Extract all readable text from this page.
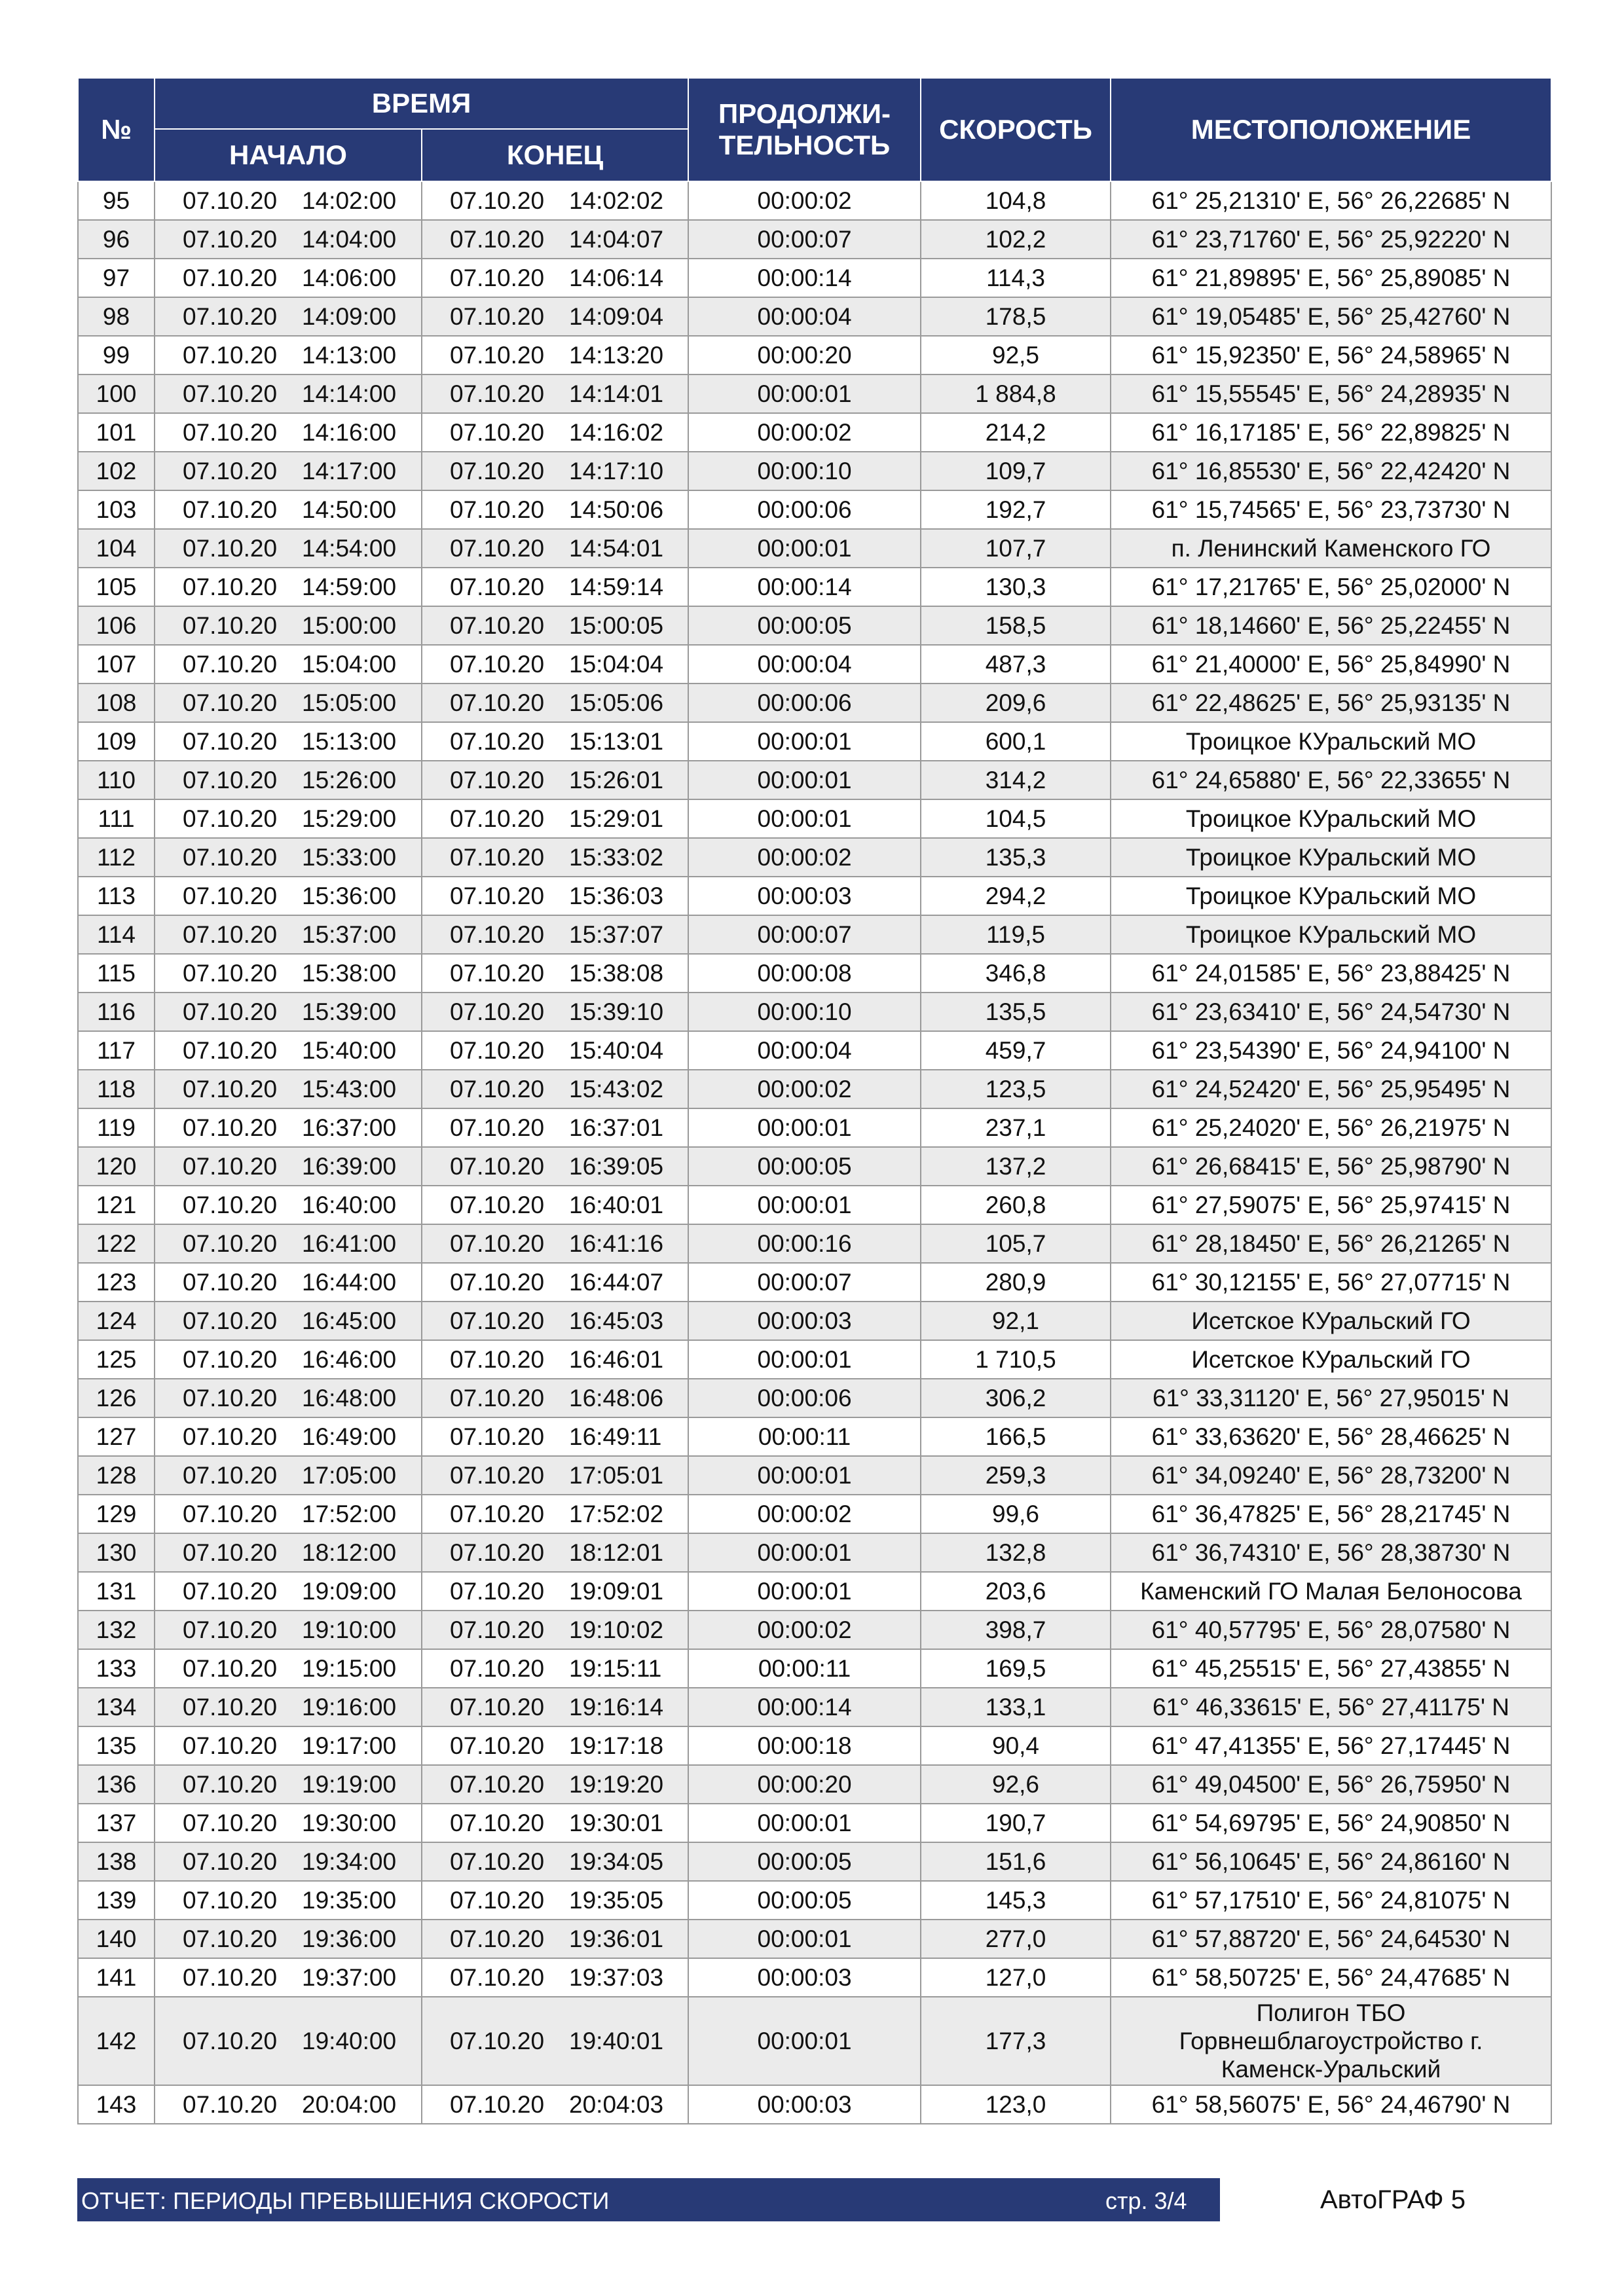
№	ВРЕМЯ		ПРОДОЛЖИ-
ТЕЛЬНОСТЬ	СКОРОСТЬ	МЕСТОПОЛОЖЕНИЕ
	НАЧАЛО	КОНЕЦ			
95	07.10.20 14:02:00	07.10.20 14:02:02	00:00:02	104,8	61° 25,21310' E, 56° 26,22685' N
96	07.10.20 14:04:00	07.10.20 14:04:07	00:00:07	102,2	61° 23,71760' E, 56° 25,92220' N
97	07.10.20 14:06:00	07.10.20 14:06:14	00:00:14	114,3	61° 21,89895' E, 56° 25,89085' N
98	07.10.20 14:09:00	07.10.20 14:09:04	00:00:04	178,5	61° 19,05485' E, 56° 25,42760' N
99	07.10.20 14:13:00	07.10.20 14:13:20	00:00:20	92,5	61° 15,92350' E, 56° 24,58965' N
100	07.10.20 14:14:00	07.10.20 14:14:01	00:00:01	1 884,8	61° 15,55545' E, 56° 24,28935' N
101	07.10.20 14:16:00	07.10.20 14:16:02	00:00:02	214,2	61° 16,17185' E, 56° 22,89825' N
102	07.10.20 14:17:00	07.10.20 14:17:10	00:00:10	109,7	61° 16,85530' E, 56° 22,42420' N
103	07.10.20 14:50:00	07.10.20 14:50:06	00:00:06	192,7	61° 15,74565' E, 56° 23,73730' N
104	07.10.20 14:54:00	07.10.20 14:54:01	00:00:01	107,7	п. Ленинский Каменского ГО
105	07.10.20 14:59:00	07.10.20 14:59:14	00:00:14	130,3	61° 17,21765' E, 56° 25,02000' N
106	07.10.20 15:00:00	07.10.20 15:00:05	00:00:05	158,5	61° 18,14660' E, 56° 25,22455' N
107	07.10.20 15:04:00	07.10.20 15:04:04	00:00:04	487,3	61° 21,40000' E, 56° 25,84990' N
108	07.10.20 15:05:00	07.10.20 15:05:06	00:00:06	209,6	61° 22,48625' E, 56° 25,93135' N
109	07.10.20 15:13:00	07.10.20 15:13:01	00:00:01	600,1	Троицкое КУральский МО
110	07.10.20 15:26:00	07.10.20 15:26:01	00:00:01	314,2	61° 24,65880' E, 56° 22,33655' N
111	07.10.20 15:29:00	07.10.20 15:29:01	00:00:01	104,5	Троицкое КУральский МО
112	07.10.20 15:33:00	07.10.20 15:33:02	00:00:02	135,3	Троицкое КУральский МО
113	07.10.20 15:36:00	07.10.20 15:36:03	00:00:03	294,2	Троицкое КУральский МО
114	07.10.20 15:37:00	07.10.20 15:37:07	00:00:07	119,5	Троицкое КУральский МО
115	07.10.20 15:38:00	07.10.20 15:38:08	00:00:08	346,8	61° 24,01585' E, 56° 23,88425' N
116	07.10.20 15:39:00	07.10.20 15:39:10	00:00:10	135,5	61° 23,63410' E, 56° 24,54730' N
117	07.10.20 15:40:00	07.10.20 15:40:04	00:00:04	459,7	61° 23,54390' E, 56° 24,94100' N
118	07.10.20 15:43:00	07.10.20 15:43:02	00:00:02	123,5	61° 24,52420' E, 56° 25,95495' N
119	07.10.20 16:37:00	07.10.20 16:37:01	00:00:01	237,1	61° 25,24020' E, 56° 26,21975' N
120	07.10.20 16:39:00	07.10.20 16:39:05	00:00:05	137,2	61° 26,68415' E, 56° 25,98790' N
121	07.10.20 16:40:00	07.10.20 16:40:01	00:00:01	260,8	61° 27,59075' E, 56° 25,97415' N
122	07.10.20 16:41:00	07.10.20 16:41:16	00:00:16	105,7	61° 28,18450' E, 56° 26,21265' N
123	07.10.20 16:44:00	07.10.20 16:44:07	00:00:07	280,9	61° 30,12155' E, 56° 27,07715' N
124	07.10.20 16:45:00	07.10.20 16:45:03	00:00:03	92,1	Исетское КУральский ГО
125	07.10.20 16:46:00	07.10.20 16:46:01	00:00:01	1 710,5	Исетское КУральский ГО
126	07.10.20 16:48:00	07.10.20 16:48:06	00:00:06	306,2	61° 33,31120' E, 56° 27,95015' N
127	07.10.20 16:49:00	07.10.20 16:49:11	00:00:11	166,5	61° 33,63620' E, 56° 28,46625' N
128	07.10.20 17:05:00	07.10.20 17:05:01	00:00:01	259,3	61° 34,09240' E, 56° 28,73200' N
129	07.10.20 17:52:00	07.10.20 17:52:02	00:00:02	99,6	61° 36,47825' E, 56° 28,21745' N
130	07.10.20 18:12:00	07.10.20 18:12:01	00:00:01	132,8	61° 36,74310' E, 56° 28,38730' N
131	07.10.20 19:09:00	07.10.20 19:09:01	00:00:01	203,6	Каменский ГО Малая Белоносова
132	07.10.20 19:10:00	07.10.20 19:10:02	00:00:02	398,7	61° 40,57795' E, 56° 28,07580' N
133	07.10.20 19:15:00	07.10.20 19:15:11	00:00:11	169,5	61° 45,25515' E, 56° 27,43855' N
134	07.10.20 19:16:00	07.10.20 19:16:14	00:00:14	133,1	61° 46,33615' E, 56° 27,41175' N
135	07.10.20 19:17:00	07.10.20 19:17:18	00:00:18	90,4	61° 47,41355' E, 56° 27,17445' N
136	07.10.20 19:19:00	07.10.20 19:19:20	00:00:20	92,6	61° 49,04500' E, 56° 26,75950' N
137	07.10.20 19:30:00	07.10.20 19:30:01	00:00:01	190,7	61° 54,69795' E, 56° 24,90850' N
138	07.10.20 19:34:00	07.10.20 19:34:05	00:00:05	151,6	61° 56,10645' E, 56° 24,86160' N
139	07.10.20 19:35:00	07.10.20 19:35:05	00:00:05	145,3	61° 57,17510' E, 56° 24,81075' N
140	07.10.20 19:36:00	07.10.20 19:36:01	00:00:01	277,0	61° 57,88720' E, 56° 24,64530' N
141	07.10.20 19:37:00	07.10.20 19:37:03	00:00:03	127,0	61° 58,50725' E, 56° 24,47685' N
142	07.10.20 19:40:00	07.10.20 19:40:01	00:00:01	177,3	Полигон ТБО
Горвнешблагоустройство г.
Каменск-Уральский
143	07.10.20 20:04:00	07.10.20 20:04:03	00:00:03	123,0	61° 58,56075' E, 56° 24,46790' N
ОТЧЕТ: ПЕРИОДЫ ПРЕВЫШЕНИЯ СКОРОСТИ	стр. 3/4	АвтоГРАФ 5
